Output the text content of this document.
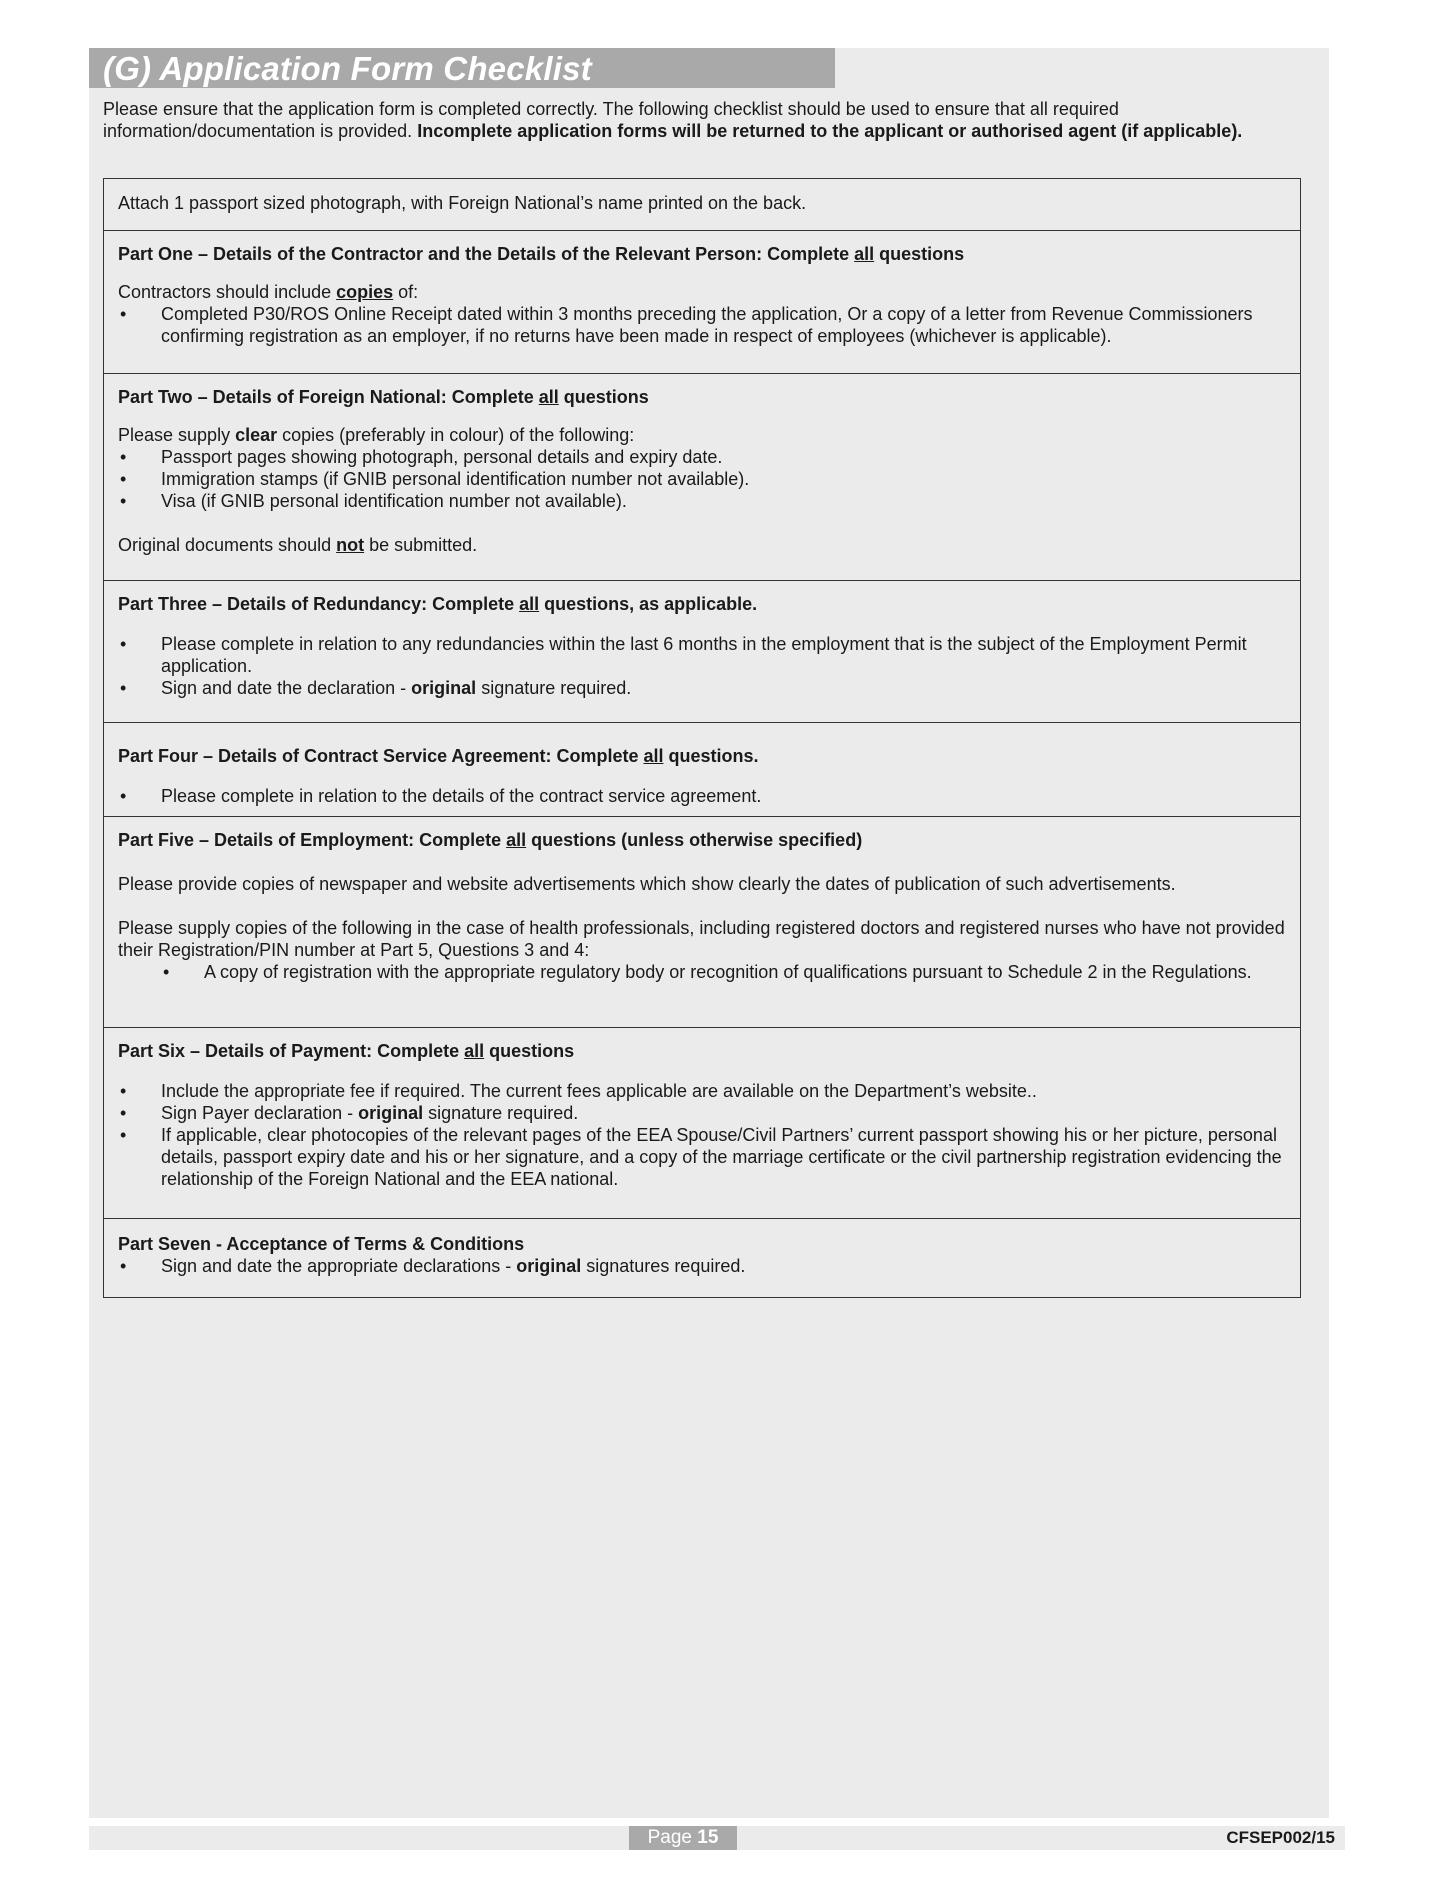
(G) Application Form Checklist
Please ensure that the application form is completed correctly. The following checklist should be used to ensure that all required information/documentation is provided. Incomplete application forms will be returned to the applicant or authorised agent (if applicable).

Attach 1 passport sized photograph, with Foreign National’s name printed on the back.

Part One – Details of the Contractor and the Details of the Relevant Person: Complete all questions

Contractors should include copies of:

• Completed P30/ROS Online Receipt dated within 3 months preceding the application, Or a copy of a letter from Revenue Commissioners confirming registration as an employer, if no returns have been made in respect of employees (whichever is applicable).

Part Two – Details of Foreign National: Complete all questions

Please supply clear copies (preferably in colour) of the following:

• Passport pages showing photograph, personal details and expiry date.
• Immigration stamps (if GNIB personal identification number not available).
• Visa (if GNIB personal identification number not available).

Original documents should not be submitted.

Part Three – Details of Redundancy: Complete all questions, as applicable.

• Please complete in relation to any redundancies within the last 6 months in the employment that is the subject of the Employment Permit application.
• Sign and date the declaration - original signature required.

Part Four – Details of Contract Service Agreement: Complete all questions.

• Please complete in relation to the details of the contract service agreement.

Part Five – Details of Employment: Complete all questions (unless otherwise specified)

Please provide copies of newspaper and website advertisements which show clearly the dates of publication of such advertisements.

Please supply copies of the following in the case of health professionals, including registered doctors and registered nurses who have not provided their Registration/PIN number at Part 5, Questions 3 and 4:

• A copy of registration with the appropriate regulatory body or recognition of qualifications pursuant to Schedule 2 in the Regulations.

Part Six – Details of Payment: Complete all questions

• Include the appropriate fee if required. The current fees applicable are available on the Department’s website..
• Sign Payer declaration - original signature required.
• If applicable, clear photocopies of the relevant pages of the EEA Spouse/Civil Partners’ current passport showing his or her picture, personal details, passport expiry date and his or her signature, and a copy of the marriage certificate or the civil partnership registration evidencing the relationship of the Foreign National and the EEA national.

Part Seven - Acceptance of Terms & Conditions

• Sign and date the appropriate declarations - original signatures required.
Page 15	CFSEP002/15
